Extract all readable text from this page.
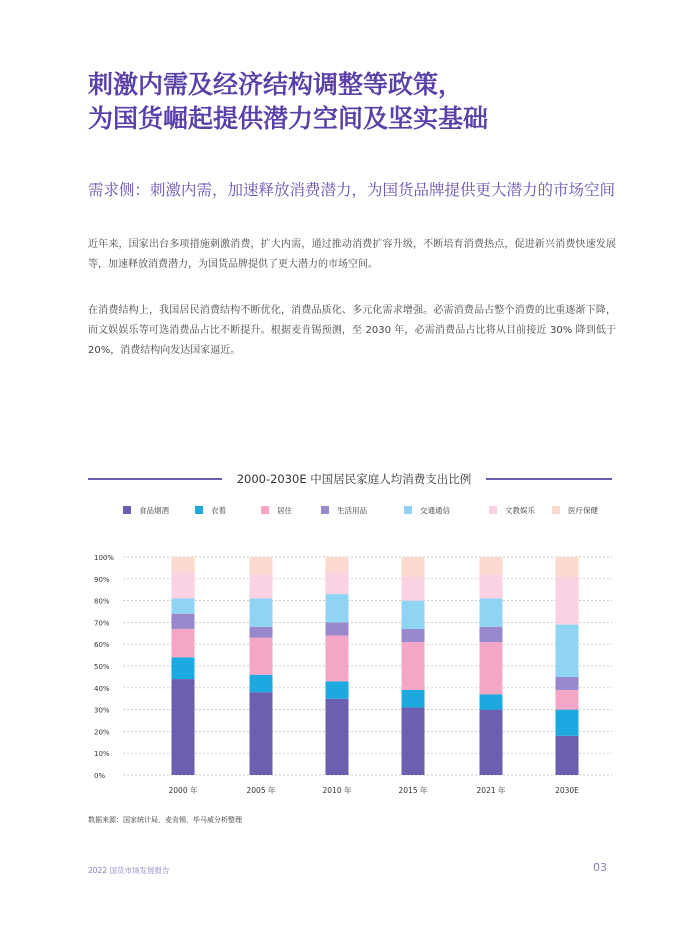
刺激内需及经济结构调整等政策，
为国货崛起提供潜力空间及坚实基础
需求侧：刺激内需，加速释放消费潜力，为国货品牌提供更大潜力的市场空间
近年来，国家出台多项措施刺激消费，扩大内需，通过推动消费扩容升级，不断培育消费热点，促进新兴消费快速发展等，加速释放消费潜力，为国货品牌提供了更大潜力的市场空间。
在消费结构上，我国居民消费结构不断优化，消费品质化、多元化需求增强。必需消费品占整个消费的比重逐渐下降，而文娱娱乐等可选消费品占比不断提升。根据麦肯锡预测，至 2030 年，必需消费品占比将从目前接近 30% 降到低于 20%，消费结构向发达国家逼近。
2000-2030E 中国居民家庭人均消费支出比例
食品烟酒	衣着	居住	生活用品	交通通信	文教娱乐	医疗保健
100%
90%
80%
70%
60%
50%
40%
30%
20%
10%
0%
2000 年	2005 年	2010 年	2015 年	2021 年	2030E
数据来源：国家统计局，麦肯锡，毕马威分析整理
2022 国货市场发展报告	03
